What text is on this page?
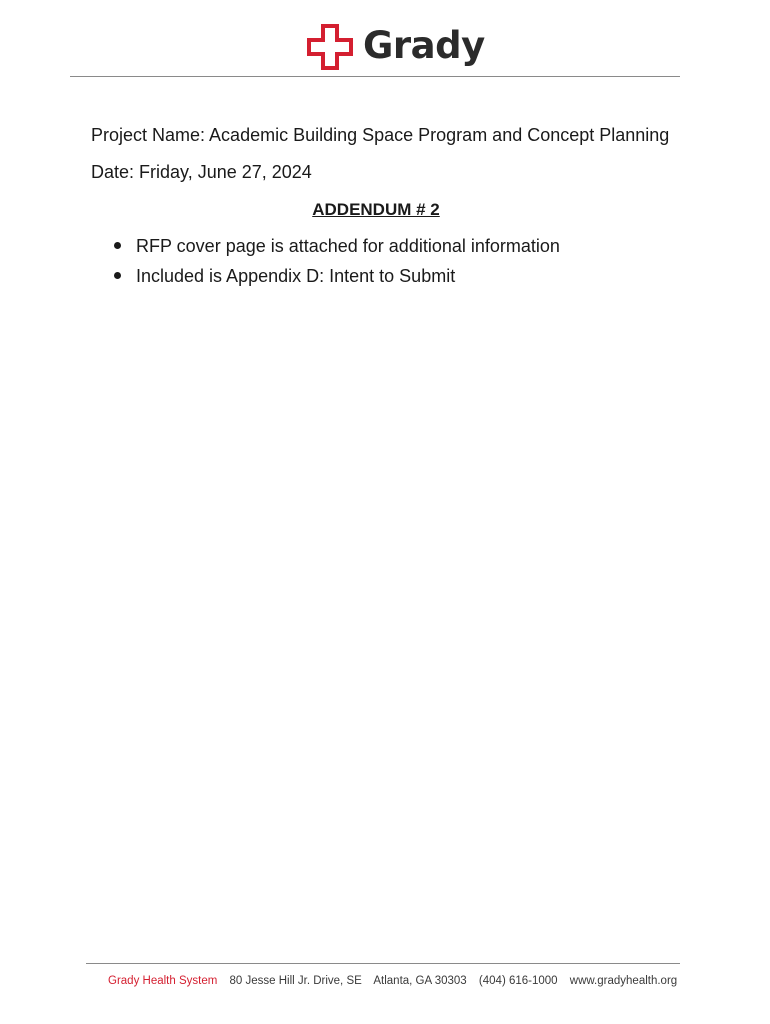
Grady

Project Name: Academic Building Space Program and Concept Planning

Date: Friday, June 27, 2024

ADDENDUM # 2

RFP cover page is attached for additional information
Included is Appendix D: Intent to Submit
Grady Health System 80 Jesse Hill Jr. Drive, SE Atlanta, GA 30303 (404) 616-1000 www.gradyhealth.org
